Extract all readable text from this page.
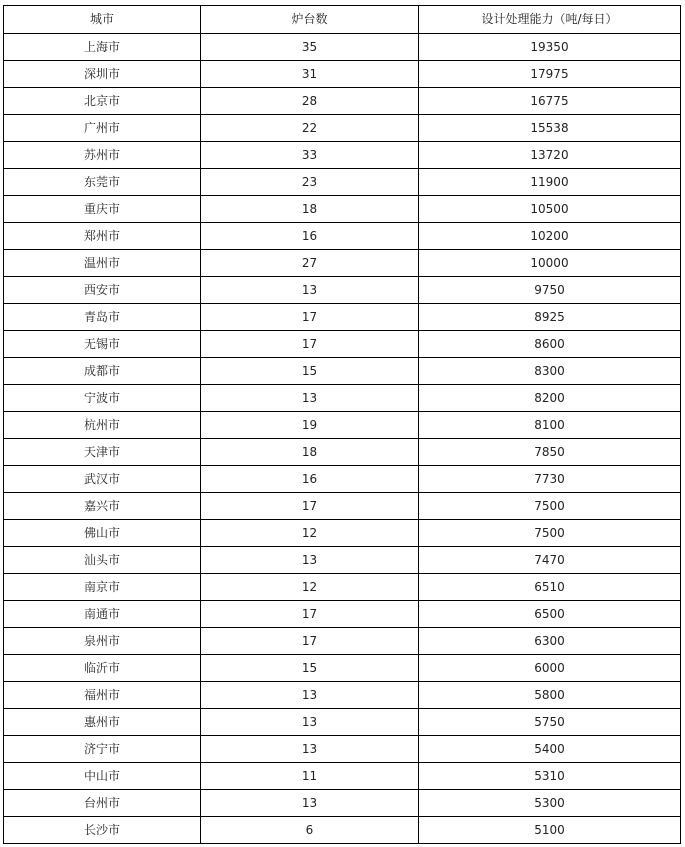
城市	炉台数	设计处理能力（吨/每日）
上海市	35	19350
深圳市	31	17975
北京市	28	16775
广州市	22	15538
苏州市	33	13720
东莞市	23	11900
重庆市	18	10500
郑州市	16	10200
温州市	27	10000
西安市	13	9750
青岛市	17	8925
无锡市	17	8600
成都市	15	8300
宁波市	13	8200
杭州市	19	8100
天津市	18	7850
武汉市	16	7730
嘉兴市	17	7500
佛山市	12	7500
汕头市	13	7470
南京市	12	6510
南通市	17	6500
泉州市	17	6300
临沂市	15	6000
福州市	13	5800
惠州市	13	5750
济宁市	13	5400
中山市	11	5310
台州市	13	5300
长沙市	6	5100
